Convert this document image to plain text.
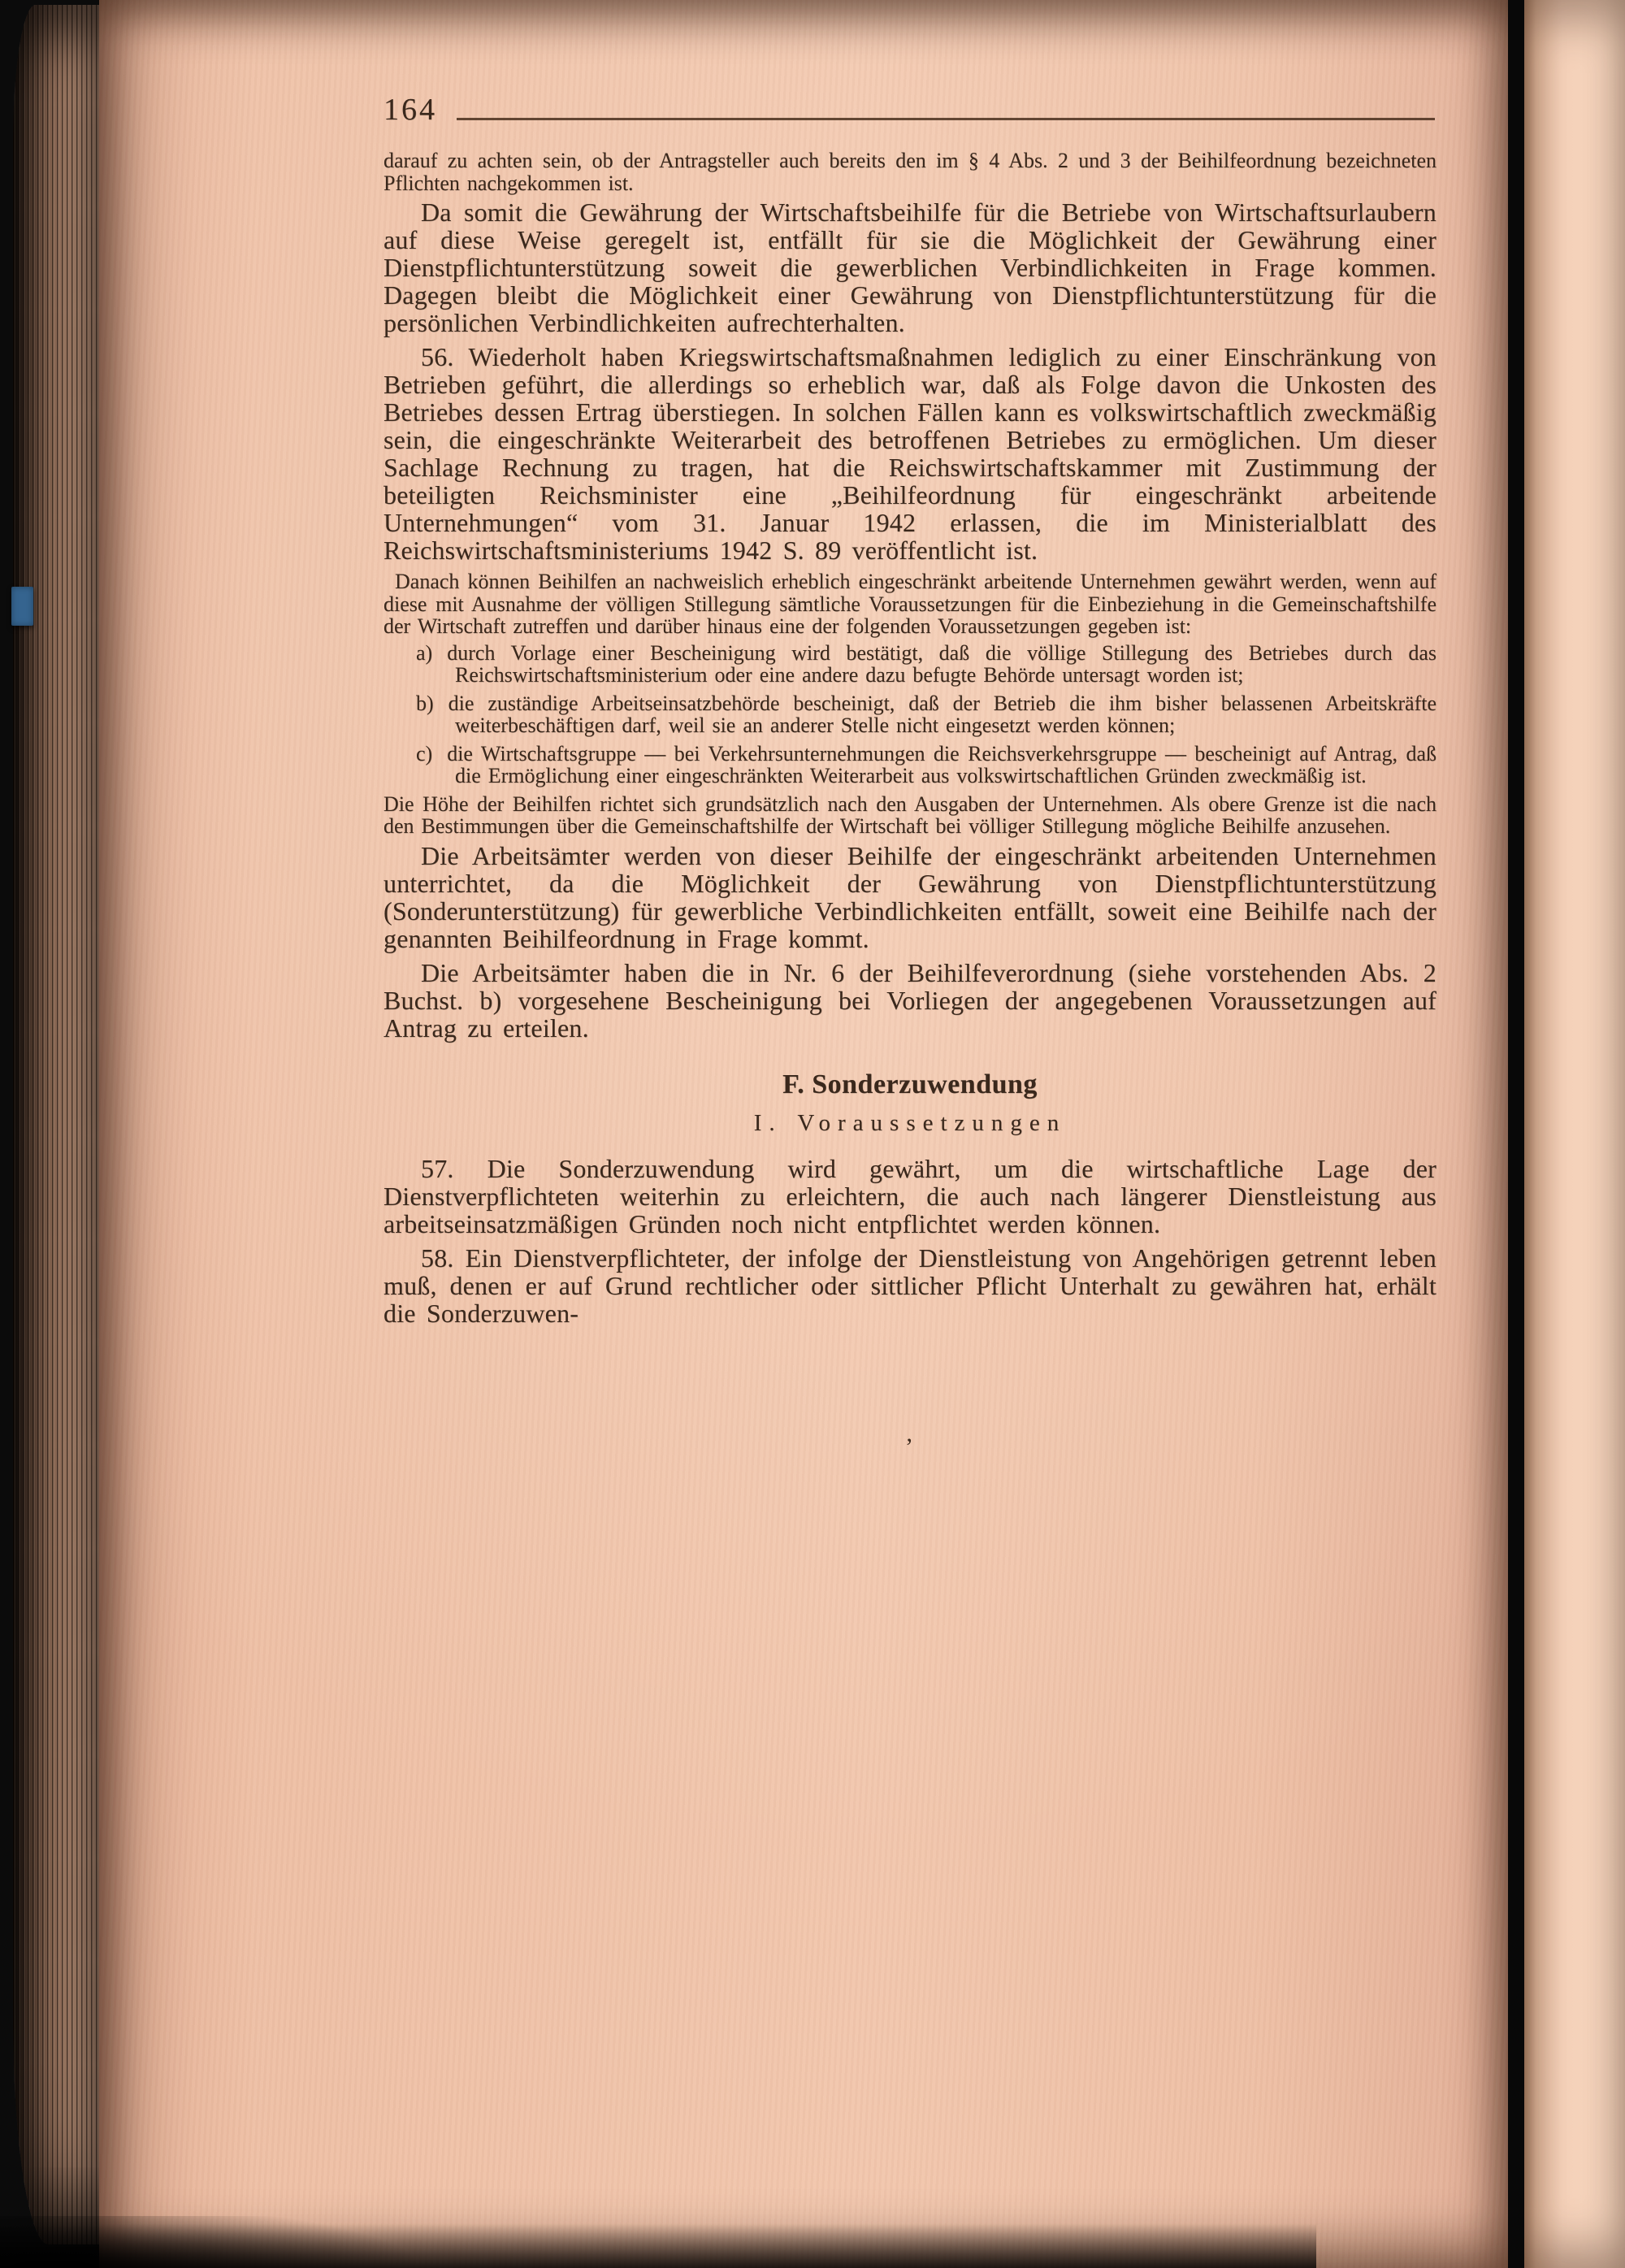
164

darauf zu achten sein, ob der Antragsteller auch bereits den im § 4 Abs. 2 und 3 der Beihilfeordnung bezeichneten Pflichten nachgekommen ist.

Da somit die Gewährung der Wirtschaftsbeihilfe für die Betriebe von Wirtschaftsurlaubern auf diese Weise geregelt ist, entfällt für sie die Möglichkeit der Gewährung einer Dienstpflichtunterstützung soweit die gewerblichen Verbindlichkeiten in Frage kommen. Dagegen bleibt die Möglichkeit einer Gewährung von Dienstpflichtunterstützung für die persönlichen Verbindlichkeiten aufrechterhalten.

56. Wiederholt haben Kriegswirtschaftsmaßnahmen lediglich zu einer Einschränkung von Betrieben geführt, die allerdings so erheblich war, daß als Folge davon die Unkosten des Betriebes dessen Ertrag überstiegen. In solchen Fällen kann es volkswirtschaftlich zweckmäßig sein, die eingeschränkte Weiterarbeit des betroffenen Betriebes zu ermöglichen. Um dieser Sachlage Rechnung zu tragen, hat die Reichswirtschaftskammer mit Zustimmung der beteiligten Reichsminister eine „Beihilfeordnung für eingeschränkt arbeitende Unternehmungen“ vom 31. Januar 1942 erlassen, die im Ministerialblatt des Reichswirtschaftsministeriums 1942 S. 89 veröffentlicht ist.

Danach können Beihilfen an nachweislich erheblich eingeschränkt arbeitende Unternehmen gewährt werden, wenn auf diese mit Ausnahme der völligen Stillegung sämtliche Voraussetzungen für die Einbeziehung in die Gemeinschaftshilfe der Wirtschaft zutreffen und darüber hinaus eine der folgenden Voraussetzungen gegeben ist:

a) durch Vorlage einer Bescheinigung wird bestätigt, daß die völlige Stillegung des Betriebes durch das Reichswirtschaftsministerium oder eine andere dazu befugte Behörde untersagt worden ist;
b) die zuständige Arbeitseinsatzbehörde bescheinigt, daß der Betrieb die ihm bisher belassenen Arbeitskräfte weiterbeschäftigen darf, weil sie an anderer Stelle nicht eingesetzt werden können;
c) die Wirtschaftsgruppe — bei Verkehrsunternehmungen die Reichsverkehrsgruppe — bescheinigt auf Antrag, daß die Ermöglichung einer eingeschränkten Weiterarbeit aus volkswirtschaftlichen Gründen zweckmäßig ist.

Die Höhe der Beihilfen richtet sich grundsätzlich nach den Ausgaben der Unternehmen. Als obere Grenze ist die nach den Bestimmungen über die Gemeinschaftshilfe der Wirtschaft bei völliger Stillegung mögliche Beihilfe anzusehen.

Die Arbeitsämter werden von dieser Beihilfe der eingeschränkt arbeitenden Unternehmen unterrichtet, da die Möglichkeit der Gewährung von Dienstpflichtunterstützung (Sonderunterstützung) für gewerbliche Verbindlichkeiten entfällt, soweit eine Beihilfe nach der genannten Beihilfeordnung in Frage kommt.

Die Arbeitsämter haben die in Nr. 6 der Beihilfeverordnung (siehe vorstehenden Abs. 2 Buchst. b) vorgesehene Bescheinigung bei Vorliegen der angegebenen Voraussetzungen auf Antrag zu erteilen.

F. Sonderzuwendung

I. Voraussetzungen

57. Die Sonderzuwendung wird gewährt, um die wirtschaftliche Lage der Dienstverpflichteten weiterhin zu erleichtern, die auch nach längerer Dienstleistung aus arbeitseinsatzmäßigen Gründen noch nicht entpflichtet werden können.

58. Ein Dienstverpflichteter, der infolge der Dienstleistung von Angehörigen getrennt leben muß, denen er auf Grund rechtlicher oder sittlicher Pflicht Unterhalt zu gewähren hat, erhält die Sonderzuwen-

’
